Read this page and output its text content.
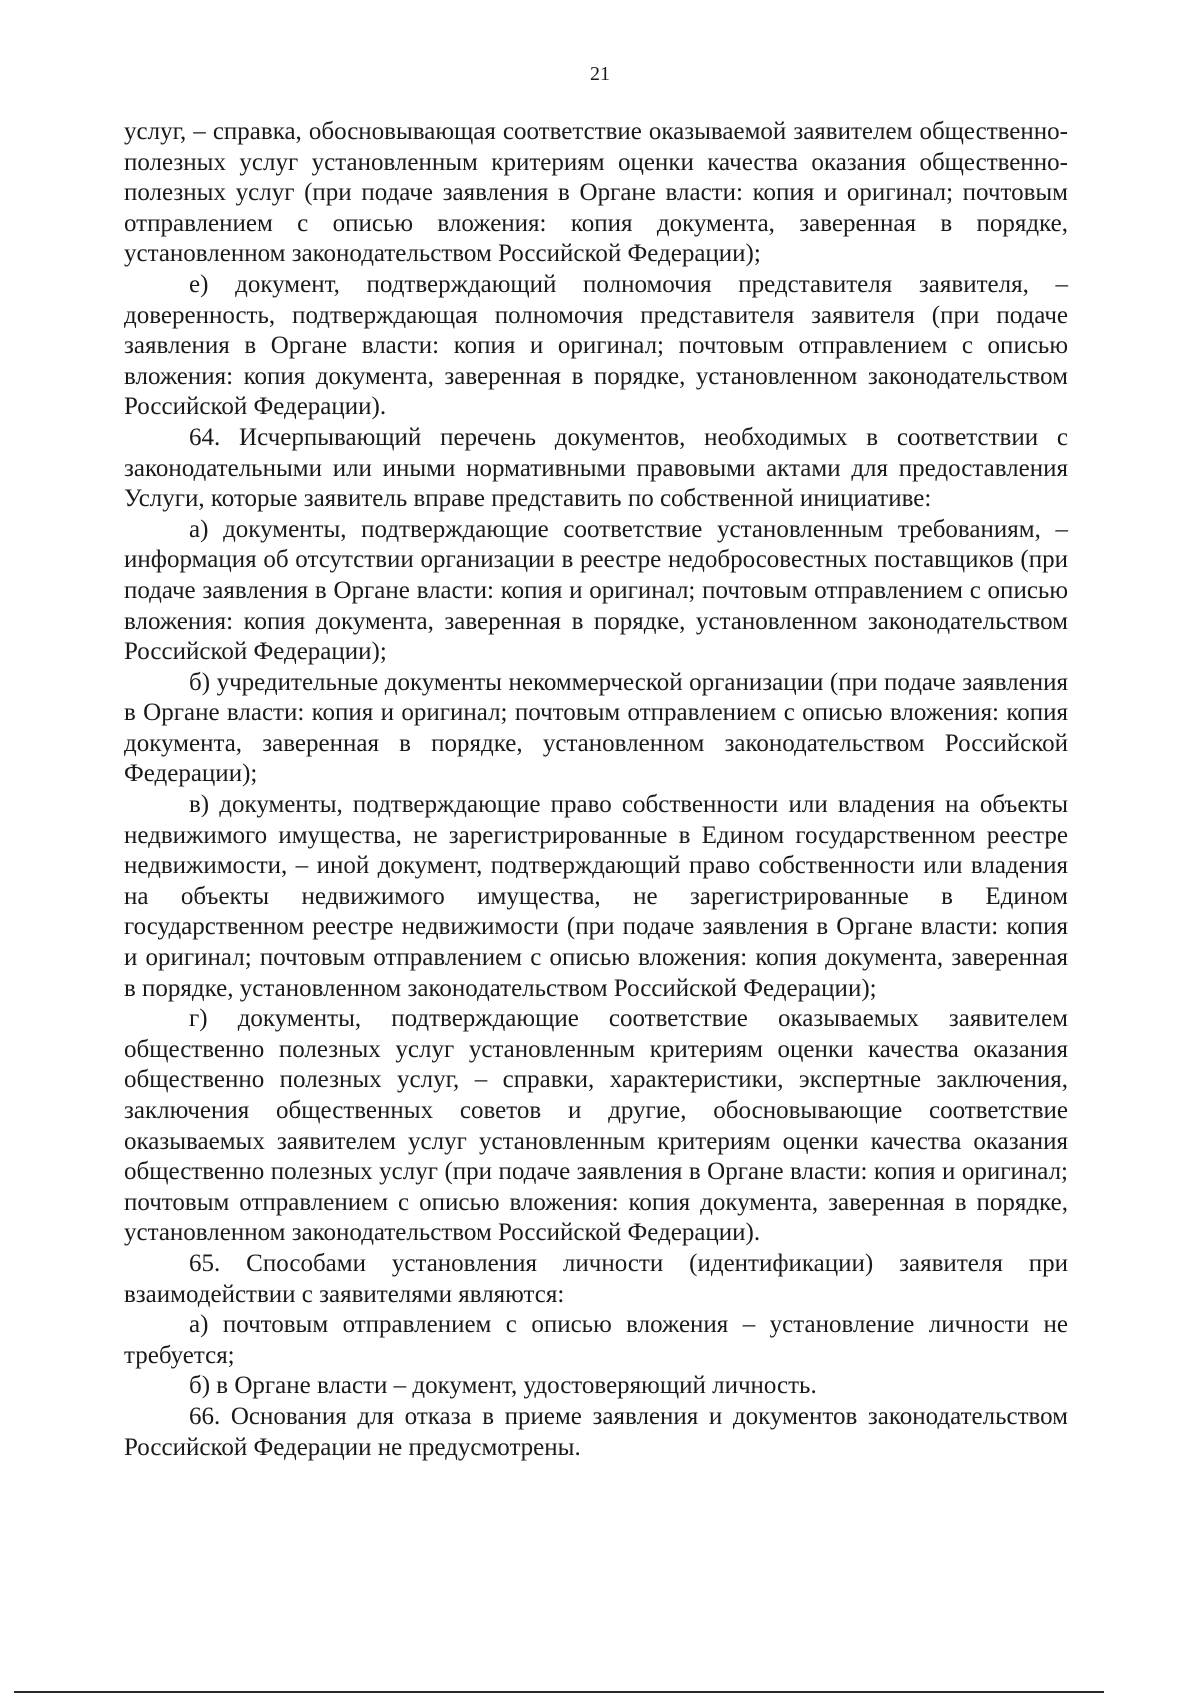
21

услуг, – справка, обосновывающая соответствие оказываемой заявителем общественно-полезных услуг установленным критериям оценки качества оказания общественно-полезных услуг (при подаче заявления в Органе власти: копия и оригинал; почтовым отправлением с описью вложения: копия документа, заверенная в порядке, установленном законодательством Российской Федерации);

е) документ, подтверждающий полномочия представителя заявителя, – доверенность, подтверждающая полномочия представителя заявителя (при подаче заявления в Органе власти: копия и оригинал; почтовым отправлением с описью вложения: копия документа, заверенная в порядке, установленном законодательством Российской Федерации).

64. Исчерпывающий перечень документов, необходимых в соответствии с законодательными или иными нормативными правовыми актами для предоставления Услуги, которые заявитель вправе представить по собственной инициативе:

а) документы, подтверждающие соответствие установленным требованиям, – информация об отсутствии организации в реестре недобросовестных поставщиков (при подаче заявления в Органе власти: копия и оригинал; почтовым отправлением с описью вложения: копия документа, заверенная в порядке, установленном законодательством Российской Федерации);

б) учредительные документы некоммерческой организации (при подаче заявления в Органе власти: копия и оригинал; почтовым отправлением с описью вложения: копия документа, заверенная в порядке, установленном законодательством Российской Федерации);

в) документы, подтверждающие право собственности или владения на объекты недвижимого имущества, не зарегистрированные в Едином государственном реестре недвижимости, – иной документ, подтверждающий право собственности или владения на объекты недвижимого имущества, не зарегистрированные в Едином государственном реестре недвижимости (при подаче заявления в Органе власти: копия и оригинал; почтовым отправлением с описью вложения: копия документа, заверенная в порядке, установленном законодательством Российской Федерации);

г) документы, подтверждающие соответствие оказываемых заявителем общественно полезных услуг установленным критериям оценки качества оказания общественно полезных услуг, – справки, характеристики, экспертные заключения, заключения общественных советов и другие, обосновывающие соответствие оказываемых заявителем услуг установленным критериям оценки качества оказания общественно полезных услуг (при подаче заявления в Органе власти: копия и оригинал; почтовым отправлением с описью вложения: копия документа, заверенная в порядке, установленном законодательством Российской Федерации).

65. Способами установления личности (идентификации) заявителя при взаимодействии с заявителями являются:

а) почтовым отправлением с описью вложения – установление личности не требуется;

б) в Органе власти – документ, удостоверяющий личность.

66. Основания для отказа в приеме заявления и документов законодательством Российской Федерации не предусмотрены.
